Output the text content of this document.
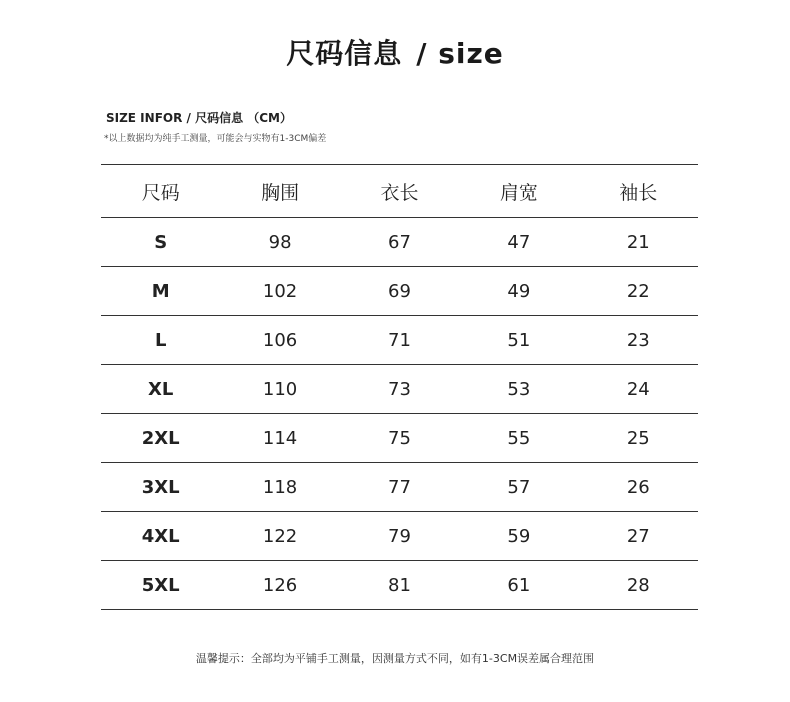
尺码信息 / size
SIZE INFOR / 尺码信息 （CM）
*以上数据均为纯手工测量，可能会与实物有1-3CM偏差
尺码	胸围	衣长	肩宽	袖长
S	98	67	47	21
M	102	69	49	22
L	106	71	51	23
XL	110	73	53	24
2XL	114	75	55	25
3XL	118	77	57	26
4XL	122	79	59	27
5XL	126	81	61	28
温馨提示：全部均为平铺手工测量，因测量方式不同，如有1-3CM误差属合理范围
